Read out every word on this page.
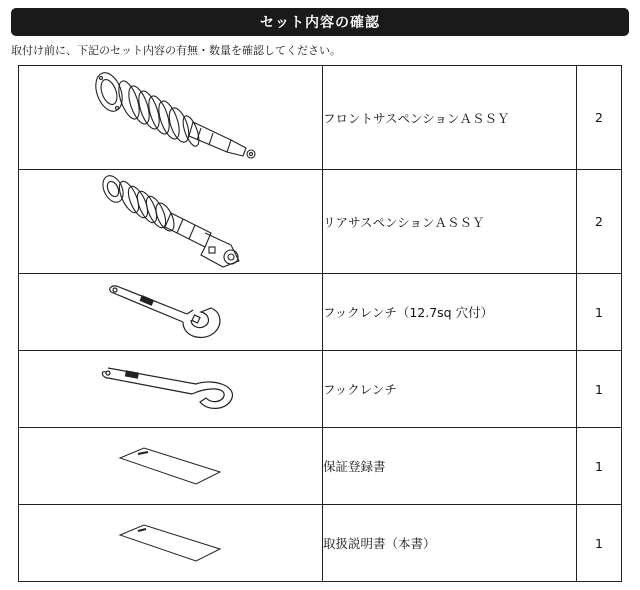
セット内容の確認
取付け前に、下記のセット内容の有無・数量を確認してください。
	フロントサスペンションＡＳＳＹ	2

	リアサスペンションＡＳＳＹ	2

	フックレンチ（12.7sq 穴付）	1

	フックレンチ	1

	保証登録書	1

	取扱説明書（本書）	1
